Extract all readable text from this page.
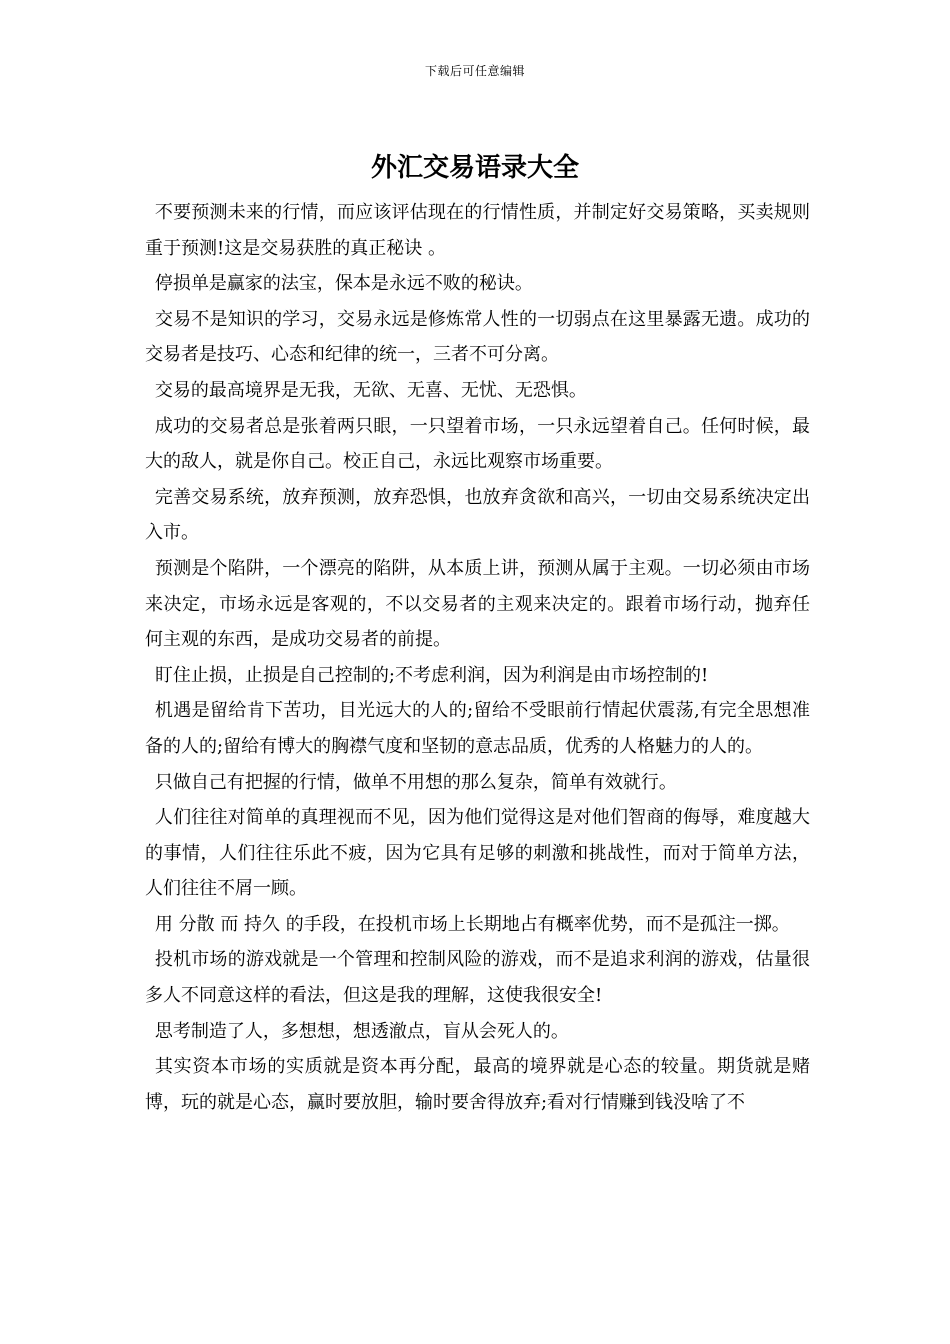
下载后可任意编辑
外汇交易语录大全

不要预测未来的行情，而应该评估现在的行情性质，并制定好交易策略，买卖规则重于预测!这是交易获胜的真正秘诀 。

停损单是赢家的法宝，保本是永远不败的秘诀。

交易不是知识的学习，交易永远是修炼常人性的一切弱点在这里暴露无遗。成功的交易者是技巧、心态和纪律的统一，三者不可分离。

交易的最高境界是无我，无欲、无喜、无忧、无恐惧。

成功的交易者总是张着两只眼，一只望着市场，一只永远望着自己。任何时候，最大的敌人，就是你自己。校正自己，永远比观察市场重要。

完善交易系统，放弃预测，放弃恐惧，也放弃贪欲和高兴，一切由交易系统决定出入市。

预测是个陷阱，一个漂亮的陷阱，从本质上讲，预测从属于主观。一切必须由市场来决定，市场永远是客观的，不以交易者的主观来决定的。跟着市场行动，抛弃任何主观的东西，是成功交易者的前提。

盯住止损，止损是自己控制的;不考虑利润，因为利润是由市场控制的!

机遇是留给肯下苦功，目光远大的人的;留给不受眼前行情起伏震荡,有完全思想准备的人的;留给有博大的胸襟气度和坚韧的意志品质，优秀的人格魅力的人的。

只做自己有把握的行情，做单不用想的那么复杂，简单有效就行。

人们往往对简单的真理视而不见，因为他们觉得这是对他们智商的侮辱，难度越大的事情，人们往往乐此不疲，因为它具有足够的刺激和挑战性，而对于简单方法，人们往往不屑一顾。

用 分散 而 持久 的手段，在投机市场上长期地占有概率优势，而不是孤注一掷。

投机市场的游戏就是一个管理和控制风险的游戏，而不是追求利润的游戏，估量很多人不同意这样的看法，但这是我的理解，这使我很安全!

思考制造了人，多想想，想透澈点，盲从会死人的。

其实资本市场的实质就是资本再分配，最高的境界就是心态的较量。期货就是赌博，玩的就是心态，赢时要放胆，输时要舍得放弃;看对行情赚到钱没啥了不
